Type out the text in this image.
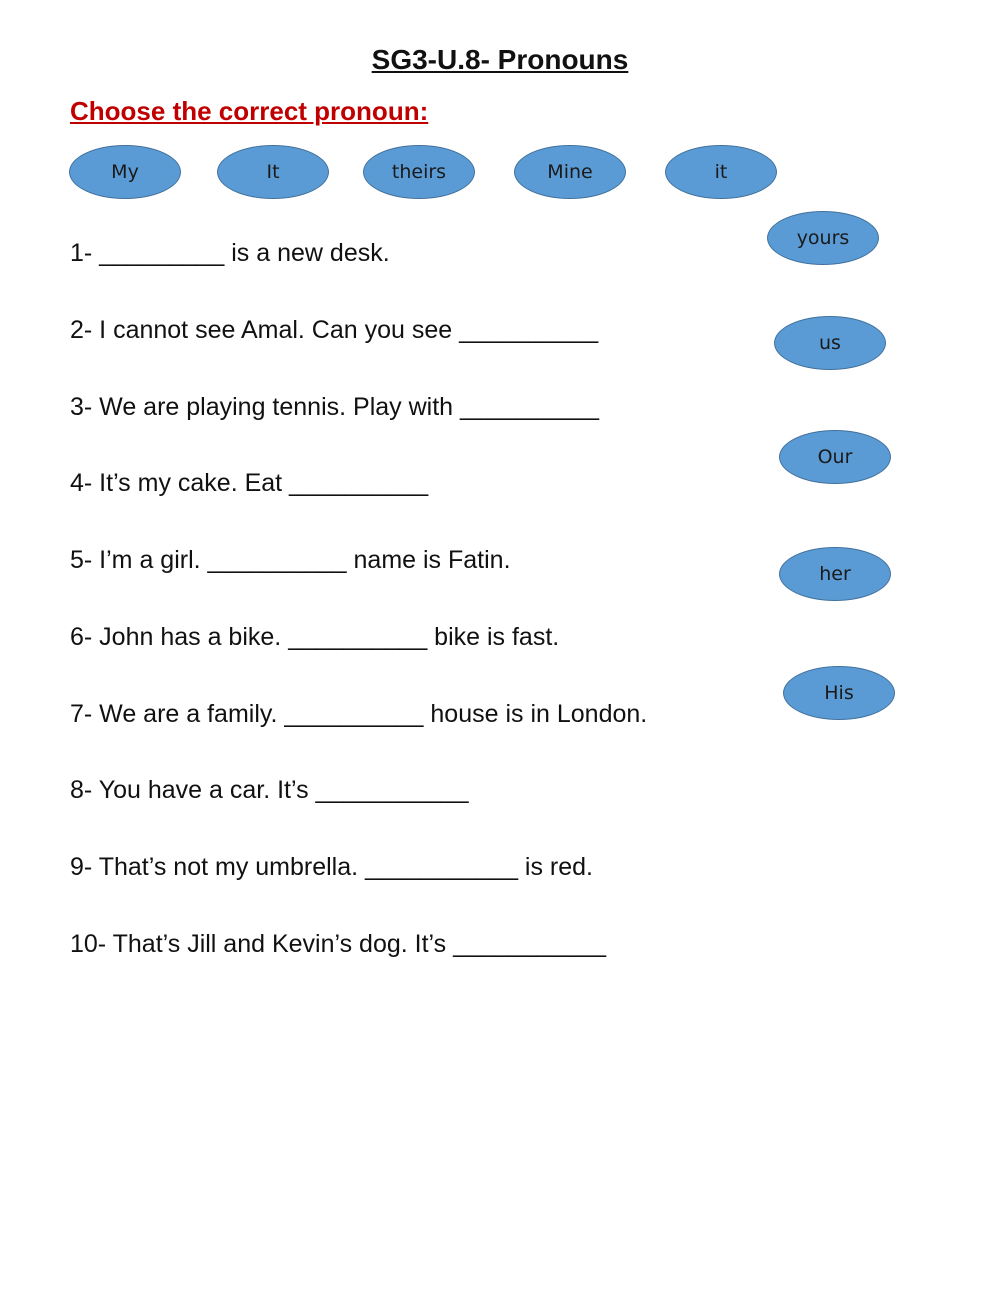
SG3-U.8- Pronouns
Choose the correct pronoun:
My	It	theirs	Mine	it
yours
us
Our
her
His
1- _________ is a new desk.
2- I cannot see Amal. Can you see __________
3- We are playing tennis. Play with __________
4- It’s my cake. Eat __________
5- I’m a girl. __________ name is Fatin.
6- John has a bike. __________ bike is fast.
7- We are a family. __________ house is in London.
8- You have a car. It’s ___________
9- That’s not my umbrella. ___________ is red.
10- That’s Jill and Kevin’s dog. It’s ___________
